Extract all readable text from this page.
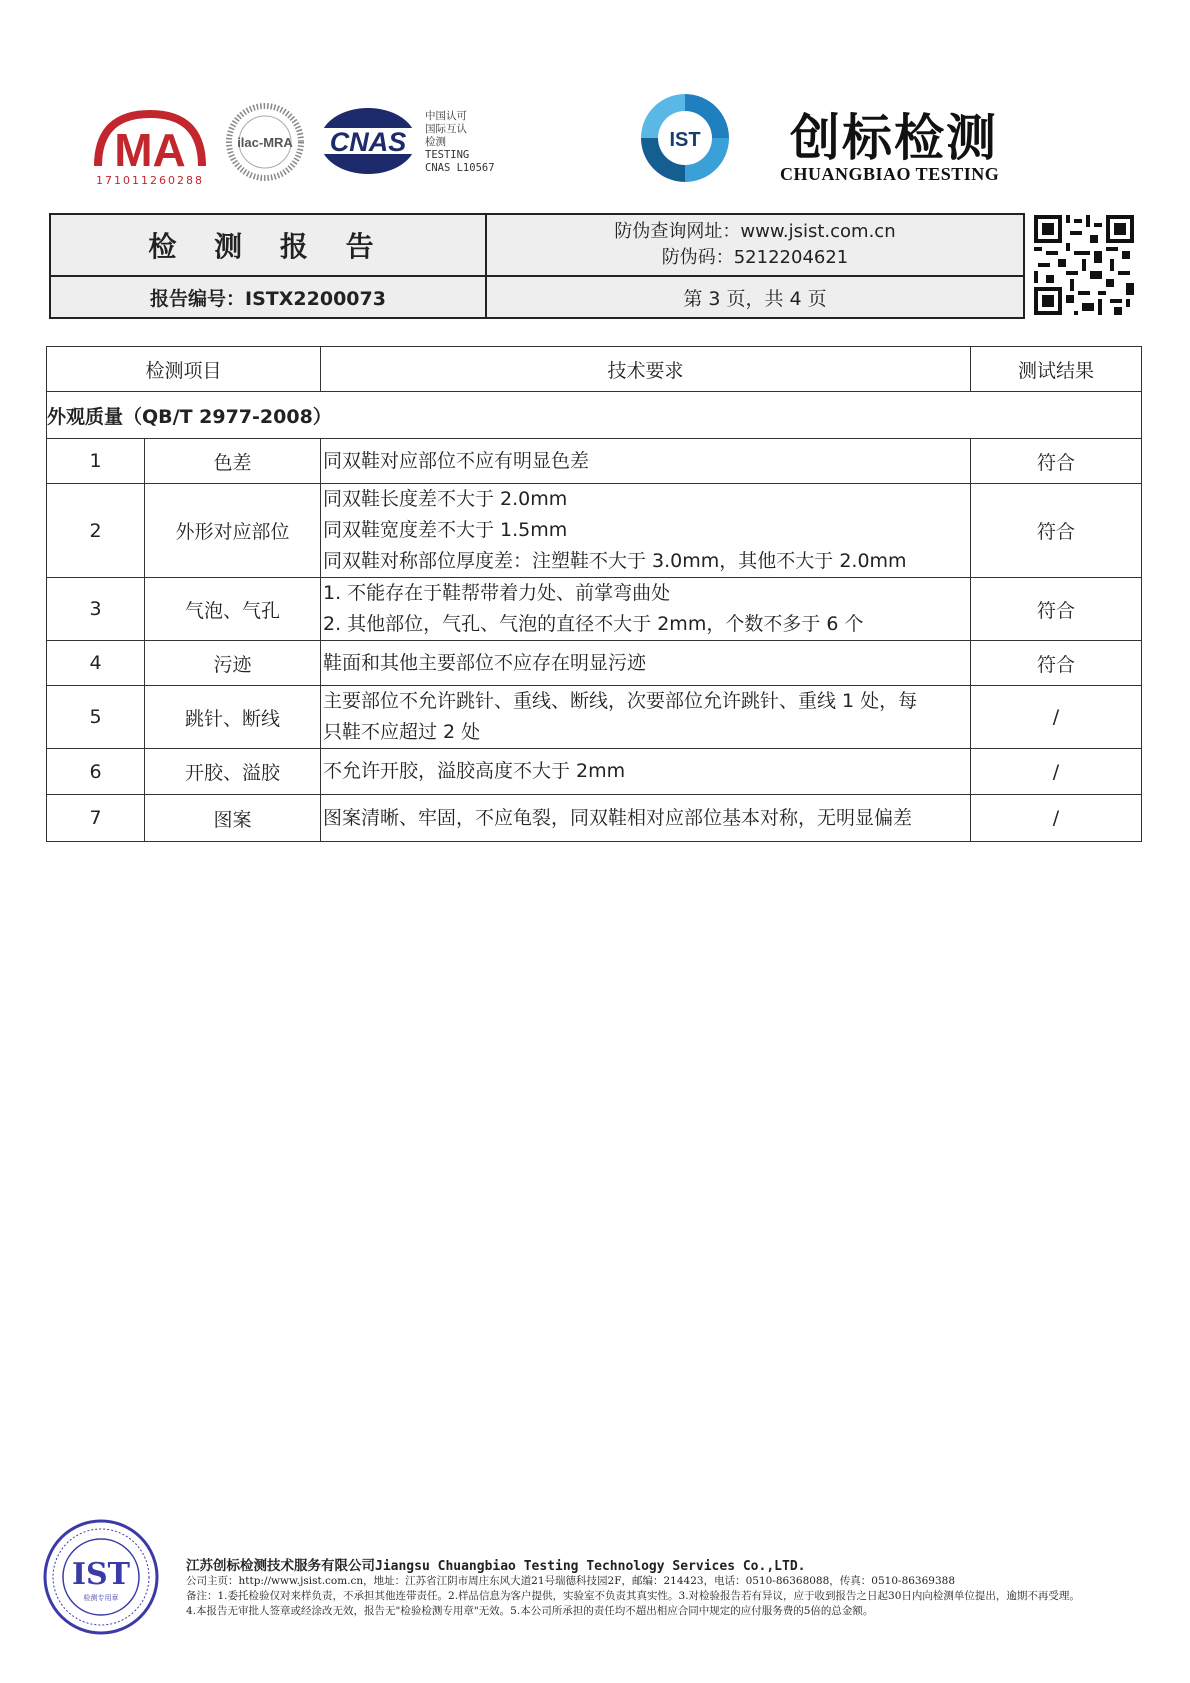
MA
171011260288
ilac-MRA CNAS
中国认可
国际互认
检测
TESTING
CNAS L10567
IST 创标检测
CHUANGBIAO TESTING
检 测 报 告	防伪查询网址：www.jsist.com.cn
防伪码：5212204621
报告编号：ISTX2200073	第 3 页，共 4 页
检测项目		技术要求	测试结果
外观质量（QB/T 2977-2008）			
1	色差	同双鞋对应部位不应有明显色差	符合
2	外形对应部位	同双鞋长度差不大于 2.0mm
同双鞋宽度差不大于 1.5mm
同双鞋对称部位厚度差：注塑鞋不大于 3.0mm，其他不大于 2.0mm	符合
3	气泡、气孔	1. 不能存在于鞋帮带着力处、前掌弯曲处
2. 其他部位，气孔、气泡的直径不大于 2mm，个数不多于 6 个	符合
4	污迹	鞋面和其他主要部位不应存在明显污迹	符合
5	跳针、断线	主要部位不允许跳针、重线、断线，次要部位允许跳针、重线 1 处，每
只鞋不应超过 2 处	/
6	开胶、溢胶	不允许开胶，溢胶高度不大于 2mm	/
7	图案	图案清晰、牢固，不应龟裂，同双鞋相对应部位基本对称，无明显偏差	/
IST
检测专用章
江苏创标检测技术服务有限公司Jiangsu Chuangbiao Testing Technology Services Co.,LTD.
公司主页：http://www.jsist.com.cn，地址：江苏省江阴市周庄东风大道21号瑞德科技园2F，邮编：214423，电话：0510-86368088，传真：0510-86369388
备注：1.委托检验仅对来样负责，不承担其他连带责任。2.样品信息为客户提供，实验室不负责其真实性。3.对检验报告若有异议，应于收到报告之日起30日内向检测单位提出，逾期不再受理。
4.本报告无审批人签章或经涂改无效，报告无"检验检测专用章"无效。5.本公司所承担的责任均不超出相应合同中规定的应付服务费的5倍的总金额。
